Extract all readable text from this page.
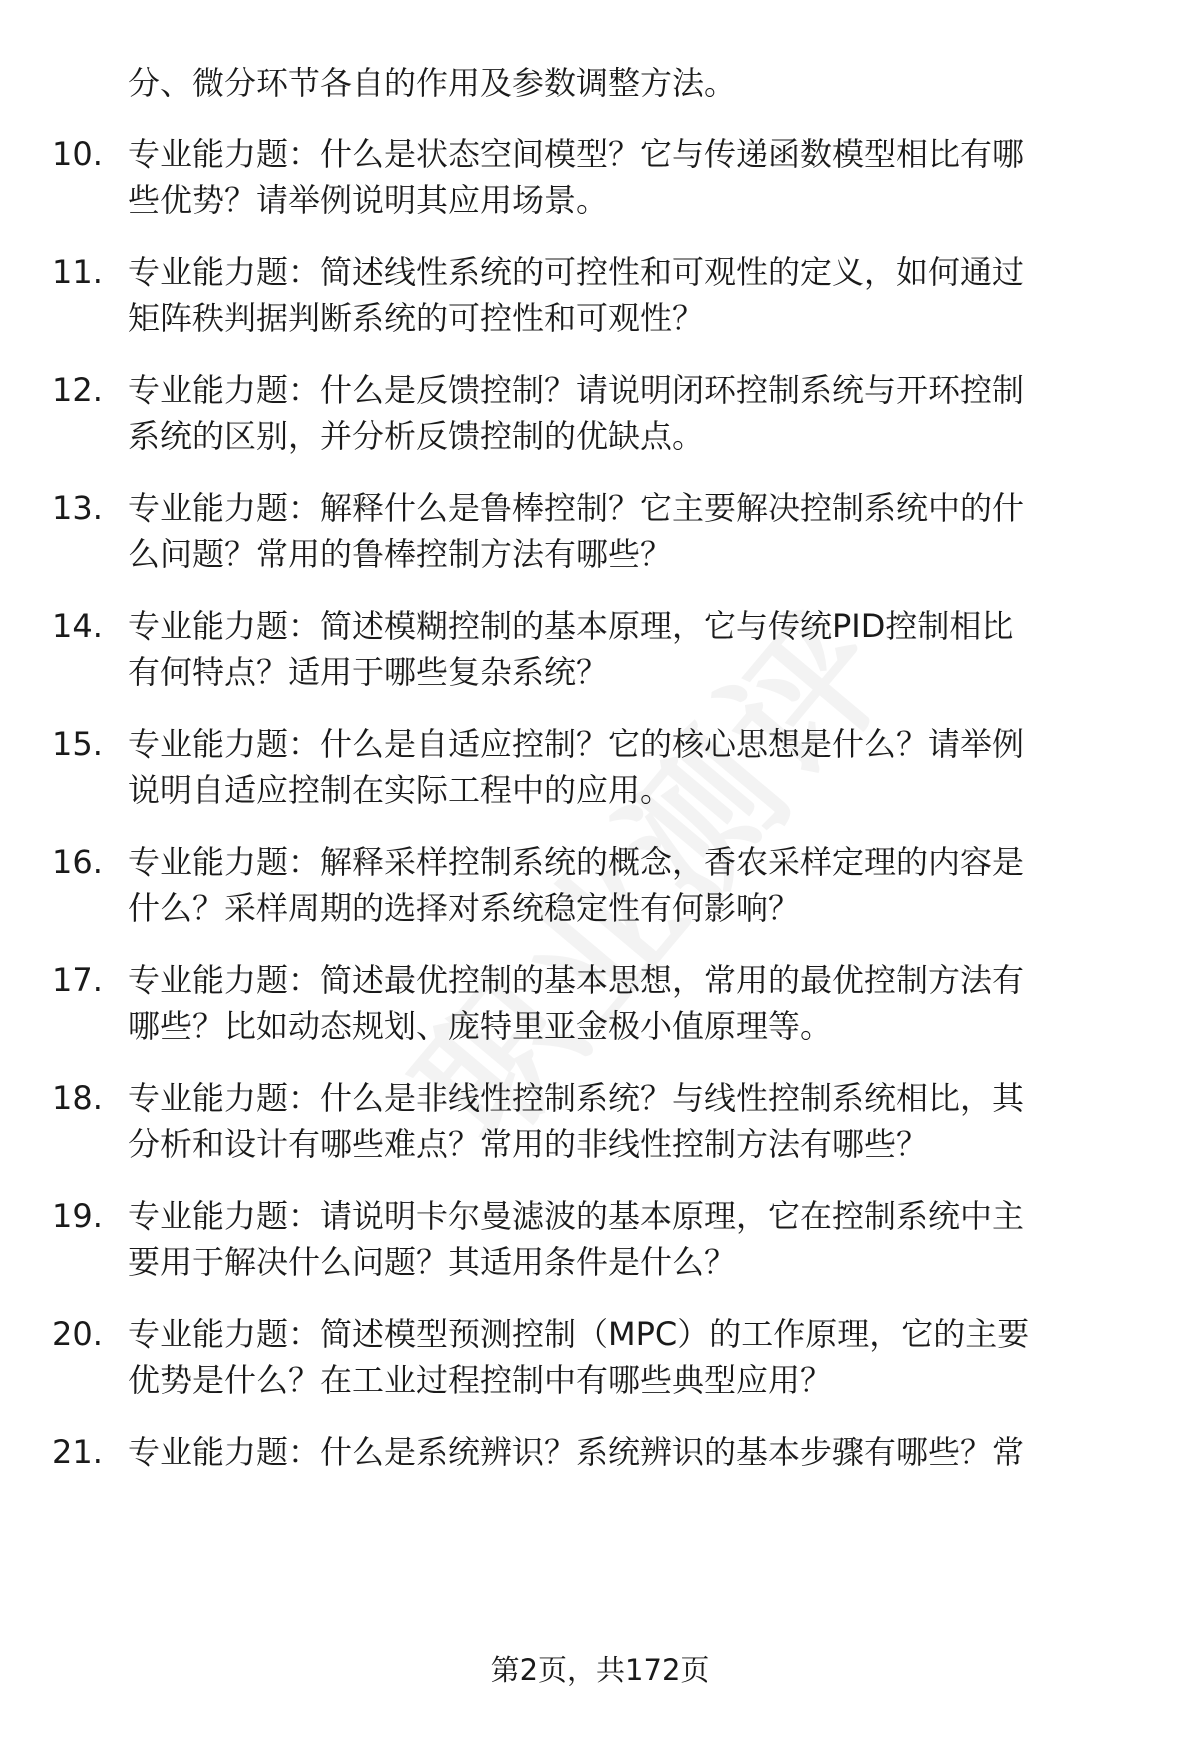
分、微分环节各自的作用及参数调整方法。

10. 专业能力题：什么是状态空间模型？它与传递函数模型相比有哪
些优势？请举例说明其应用场景。

11. 专业能力题：简述线性系统的可控性和可观性的定义，如何通过
矩阵秩判据判断系统的可控性和可观性？

12. 专业能力题：什么是反馈控制？请说明闭环控制系统与开环控制
系统的区别，并分析反馈控制的优缺点。

13. 专业能力题：解释什么是鲁棒控制？它主要解决控制系统中的什
么问题？常用的鲁棒控制方法有哪些？

14. 专业能力题：简述模糊控制的基本原理，它与传统PID控制相比
有何特点？适用于哪些复杂系统？

15. 专业能力题：什么是自适应控制？它的核心思想是什么？请举例
说明自适应控制在实际工程中的应用。

16. 专业能力题：解释采样控制系统的概念，香农采样定理的内容是
什么？采样周期的选择对系统稳定性有何影响？

17. 专业能力题：简述最优控制的基本思想，常用的最优控制方法有
哪些？比如动态规划、庞特里亚金极小值原理等。

18. 专业能力题：什么是非线性控制系统？与线性控制系统相比，其
分析和设计有哪些难点？常用的非线性控制方法有哪些？

19. 专业能力题：请说明卡尔曼滤波的基本原理，它在控制系统中主
要用于解决什么问题？其适用条件是什么？

20. 专业能力题：简述模型预测控制（MPC）的工作原理，它的主要
优势是什么？在工业过程控制中有哪些典型应用？

21. 专业能力题：什么是系统辨识？系统辨识的基本步骤有哪些？常

第2页，共172页
